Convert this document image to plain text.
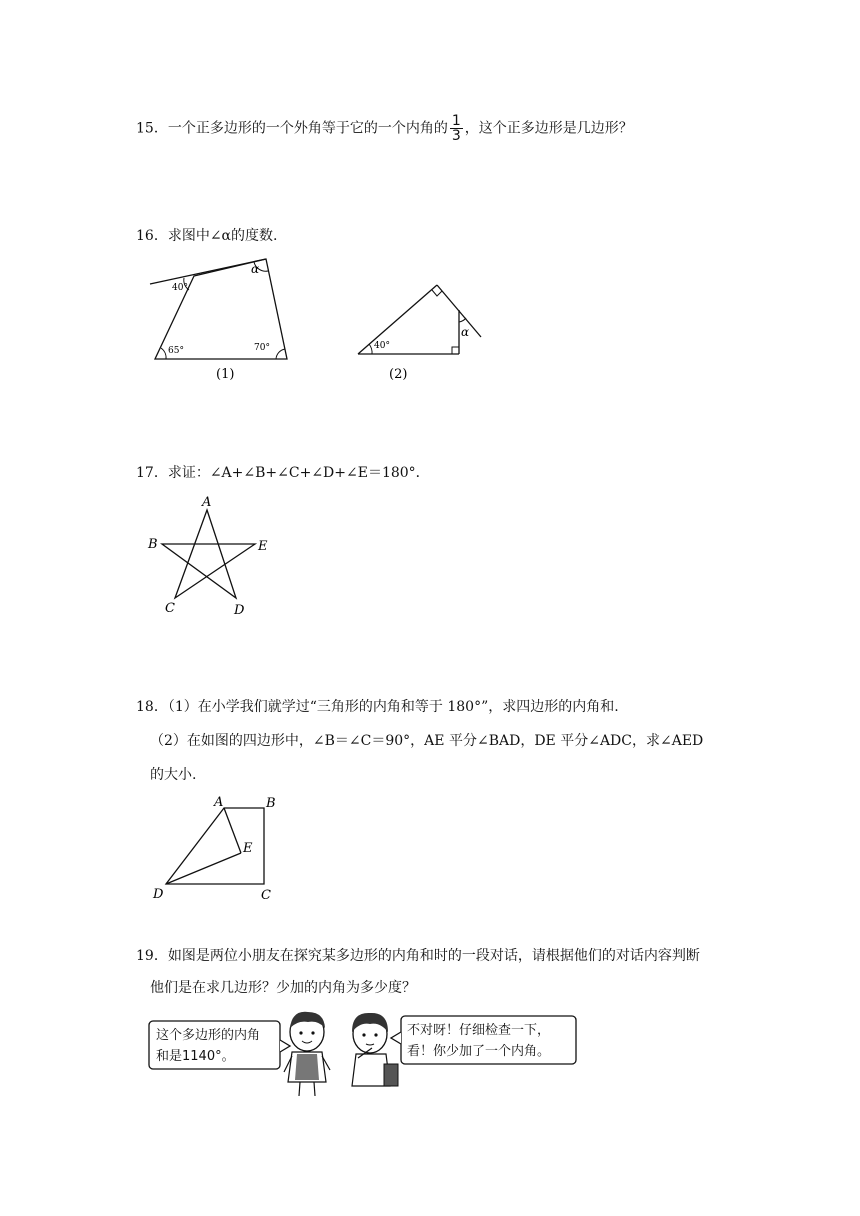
15．一个正多边形的一个外角等于它的一个内角的 $\frac{1}{3}$ ，这个正多边形是几边形？
16．求图中∠α的度数.
40°
65°	70°
α
(1)
40°
α
(2)
17．求证：∠A+∠B+∠C+∠D+∠E＝180°．
A
B	E
C	D
18．（1）在小学我们就学过“三角形的内角和等于 180°”，求四边形的内角和.
（2）在如图的四边形中，∠B＝∠C＝90°，AE 平分∠BAD，DE 平分∠ADC，求∠AED
的大小.
A	B
E
D	C
19．如图是两位小朋友在探究某多边形的内角和时的一段对话，请根据他们的对话内容判断
他们是在求几边形？少加的内角为多少度？
这个多边形的内角
和是1140°。
不对呀！仔细检查一下，
看！你少加了一个内角。
